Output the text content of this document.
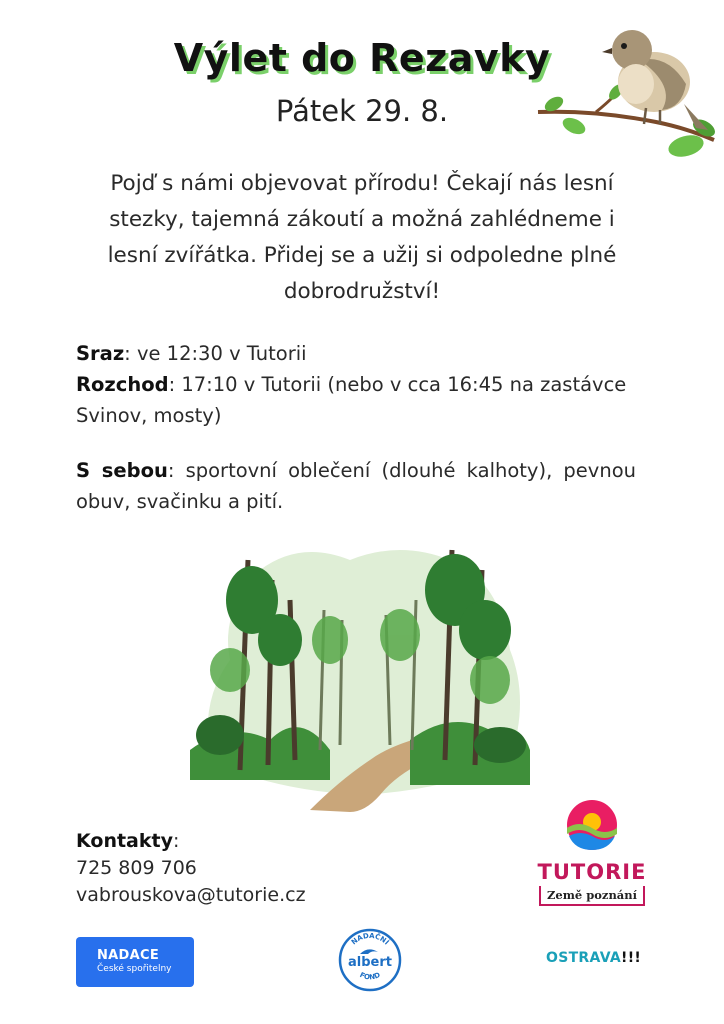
Výlet do Rezavky
Pátek 29. 8.
Pojď s námi objevovat přírodu! Čekají nás lesní stezky, tajemná zákoutí a možná zahlédneme i lesní zvířátka. Přidej se a užij si odpoledne plné dobrodružství!
Sraz: ve 12:30 v Tutorii
Rozchod: 17:10 v Tutorii (nebo v cca 16:45 na zastávce Svinov, mosty)
S sebou: sportovní oblečení (dlouhé kalhoty), pevnou obuv, svačinku a pití.
Kontakty:
725 809 706
vabrouskova@tutorie.cz
TUTORIE
Země poznání
NADACE
České spořitelny
NADAČNÍ
albert
FOND
OSTRAVA!!!
